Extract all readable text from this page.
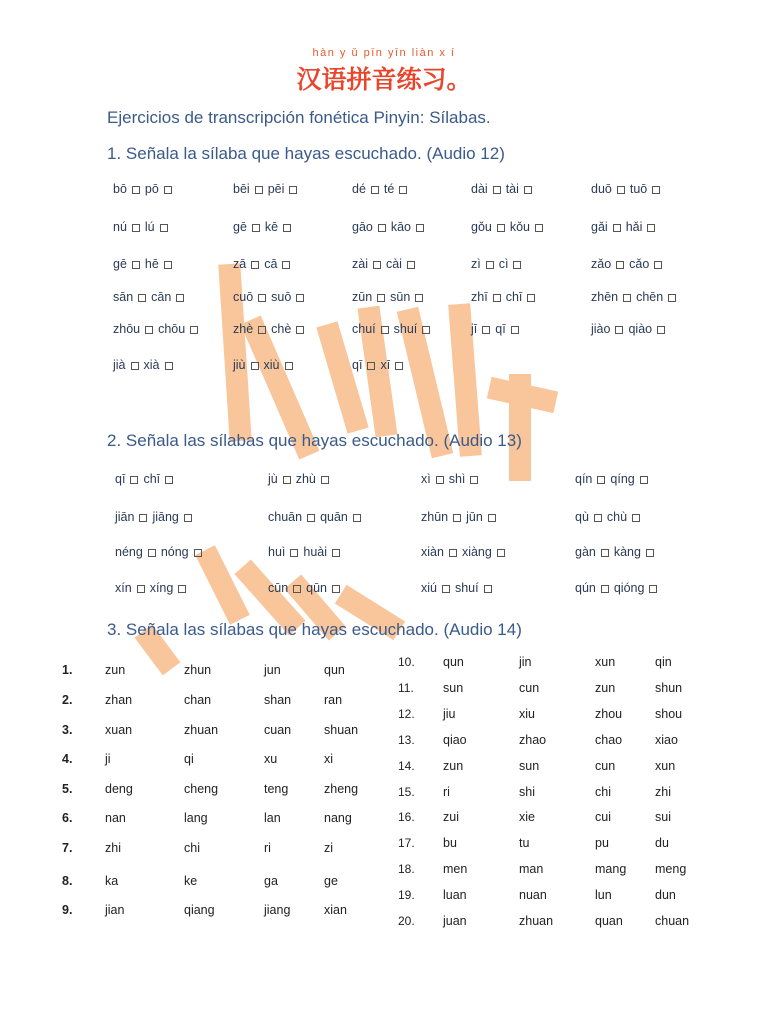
hàn y ǔ pīn yīn liàn x í
汉语拼音练习。
Ejercicios de transcripción fonética Pinyin: Sílabas.
1. Señala la sílaba que hayas escuchado. (Audio 12)
bō pō	bēi pēi	dé té	dài tài	duō tuō
nú lú	gē kē	gāo kāo	gǒu kǒu	gǎi hǎi
gē hē	zā cā	zài cài	zì cì	zǎo cǎo
sān cān	cuō suō	zūn sūn	zhī chī	zhēn chēn
zhōu chōu	zhè chè	chuí shuí	jī qī	jiào qiào
jià xià	jiù xiù	qī xī
2. Señala las sílabas que hayas escuchado. (Audio 13)
qī chī	jù zhù	xì shì	qín qíng
jiān jiāng	chuān quān	zhūn jūn	qù chù
néng nóng	huì huài	xiàn xiàng	gàn kàng
xín xíng	cūn qūn	xiú shuí	qún qióng
3. Señala las sílabas que hayas escuchado. (Audio 14)
1.	zun	zhun	jun	qun
2.	zhan	chan	shan	ran
3.	xuan	zhuan	cuan	shuan
4.	ji	qi	xu	xi
5.	deng	cheng	teng	zheng
6.	nan	lang	lan	nang
7.	zhi	chi	ri	zi
8.	ka	ke	ga	ge
9.	jian	qiang	jiang	xian
10. qun	jin	xun	qin
11. sun	cun	zun	shun
12. jiu	xiu	zhou	shou
13. qiao	zhao	chao	xiao
14. zun	sun	cun	xun
15. ri	shi	chi	zhi
16. zui	xie	cui	sui
17. bu	tu	pu	du
18. men	man	mang meng
19. luan	nuan	lun	dun
20. juan	zhuan	quan	chuan
